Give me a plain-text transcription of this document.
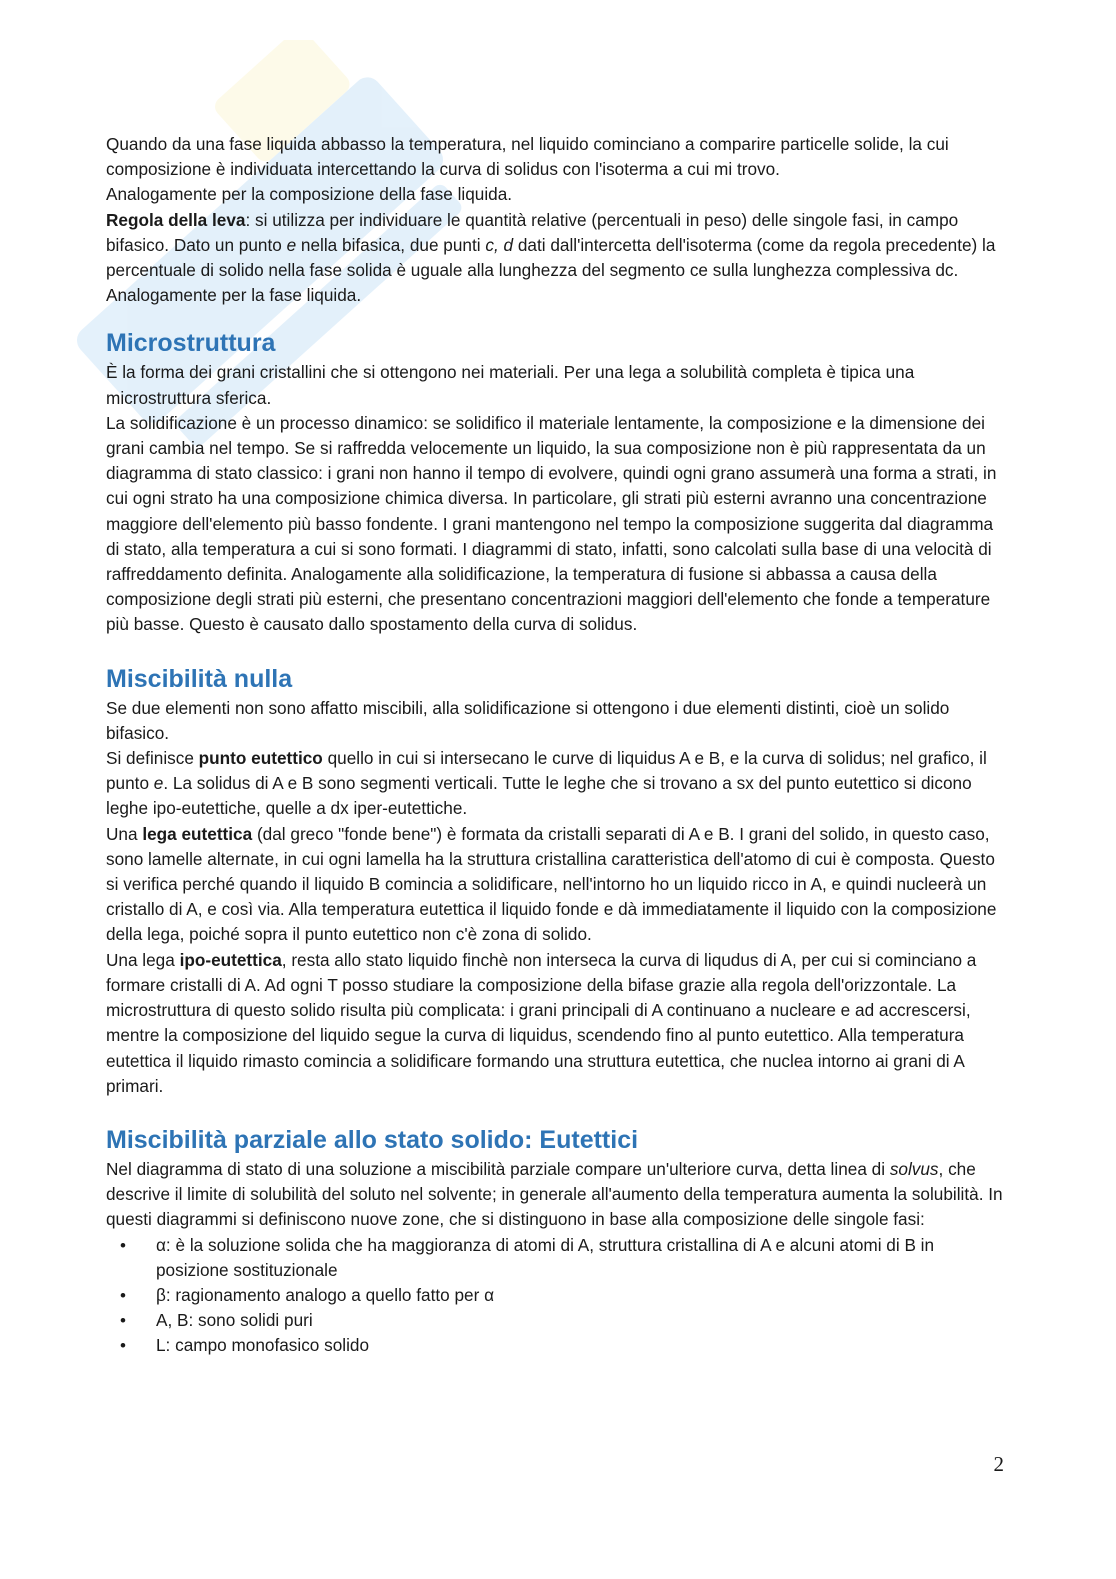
Quando da una fase liquida abbasso la temperatura, nel liquido cominciano a comparire particelle solide, la cui composizione è individuata intercettando la curva di solidus con l'isoterma a cui mi trovo.

Analogamente per la composizione della fase liquida.

Regola della leva: si utilizza per individuare le quantità relative (percentuali in peso) delle singole fasi, in campo bifasico. Dato un punto e nella bifasica, due punti c, d dati dall'intercetta dell'isoterma (come da regola precedente) la percentuale di solido nella fase solida è uguale alla lunghezza del segmento ce sulla lunghezza complessiva dc. Analogamente per la fase liquida.

Microstruttura

È la forma dei grani cristallini che si ottengono nei materiali. Per una lega a solubilità completa è tipica una microstruttura sferica.

La solidificazione è un processo dinamico: se solidifico il materiale lentamente, la composizione e la dimensione dei grani cambia nel tempo. Se si raffredda velocemente un liquido, la sua composizione non è più rappresentata da un diagramma di stato classico: i grani non hanno il tempo di evolvere, quindi ogni grano assumerà una forma a strati, in cui ogni strato ha una composizione chimica diversa. In particolare, gli strati più esterni avranno una concentrazione maggiore dell'elemento più basso fondente. I grani mantengono nel tempo la composizione suggerita dal diagramma di stato, alla temperatura a cui si sono formati. I diagrammi di stato, infatti, sono calcolati sulla base di una velocità di raffreddamento definita. Analogamente alla solidificazione, la temperatura di fusione si abbassa a causa della composizione degli strati più esterni, che presentano concentrazioni maggiori dell'elemento che fonde a temperature più basse. Questo è causato dallo spostamento della curva di solidus.

Miscibilità nulla

Se due elementi non sono affatto miscibili, alla solidificazione si ottengono i due elementi distinti, cioè un solido bifasico.

Si definisce punto eutettico quello in cui si intersecano le curve di liquidus A e B, e la curva di solidus; nel grafico, il punto e. La solidus di A e B sono segmenti verticali. Tutte le leghe che si trovano a sx del punto eutettico si dicono leghe ipo-eutettiche, quelle a dx iper-eutettiche.

Una lega eutettica (dal greco "fonde bene") è formata da cristalli separati di A e B. I grani del solido, in questo caso, sono lamelle alternate, in cui ogni lamella ha la struttura cristallina caratteristica dell'atomo di cui è composta. Questo si verifica perché quando il liquido B comincia a solidificare, nell'intorno ho un liquido ricco in A, e quindi nucleerà un cristallo di A, e così via. Alla temperatura eutettica il liquido fonde e dà immediatamente il liquido con la composizione della lega, poiché sopra il punto eutettico non c'è zona di solido.

Una lega ipo-eutettica, resta allo stato liquido finchè non interseca la curva di liqudus di A, per cui si cominciano a formare cristalli di A. Ad ogni T posso studiare la composizione della bifase grazie alla regola dell'orizzontale. La microstruttura di questo solido risulta più complicata: i grani principali di A continuano a nucleare e ad accrescersi, mentre la composizione del liquido segue la curva di liquidus, scendendo fino al punto eutettico. Alla temperatura eutettica il liquido rimasto comincia a solidificare formando una struttura eutettica, che nuclea intorno ai grani di A primari.

Miscibilità parziale allo stato solido: Eutettici

Nel diagramma di stato di una soluzione a miscibilità parziale compare un'ulteriore curva, detta linea di solvus, che descrive il limite di solubilità del soluto nel solvente; in generale all'aumento della temperatura aumenta la solubilità. In questi diagrammi si definiscono nuove zone, che si distinguono in base alla composizione delle singole fasi:

• α: è la soluzione solida che ha maggioranza di atomi di A, struttura cristallina di A e alcuni atomi di B in posizione sostituzionale
• β: ragionamento analogo a quello fatto per α
• A, B: sono solidi puri
• L: campo monofasico solido
2
